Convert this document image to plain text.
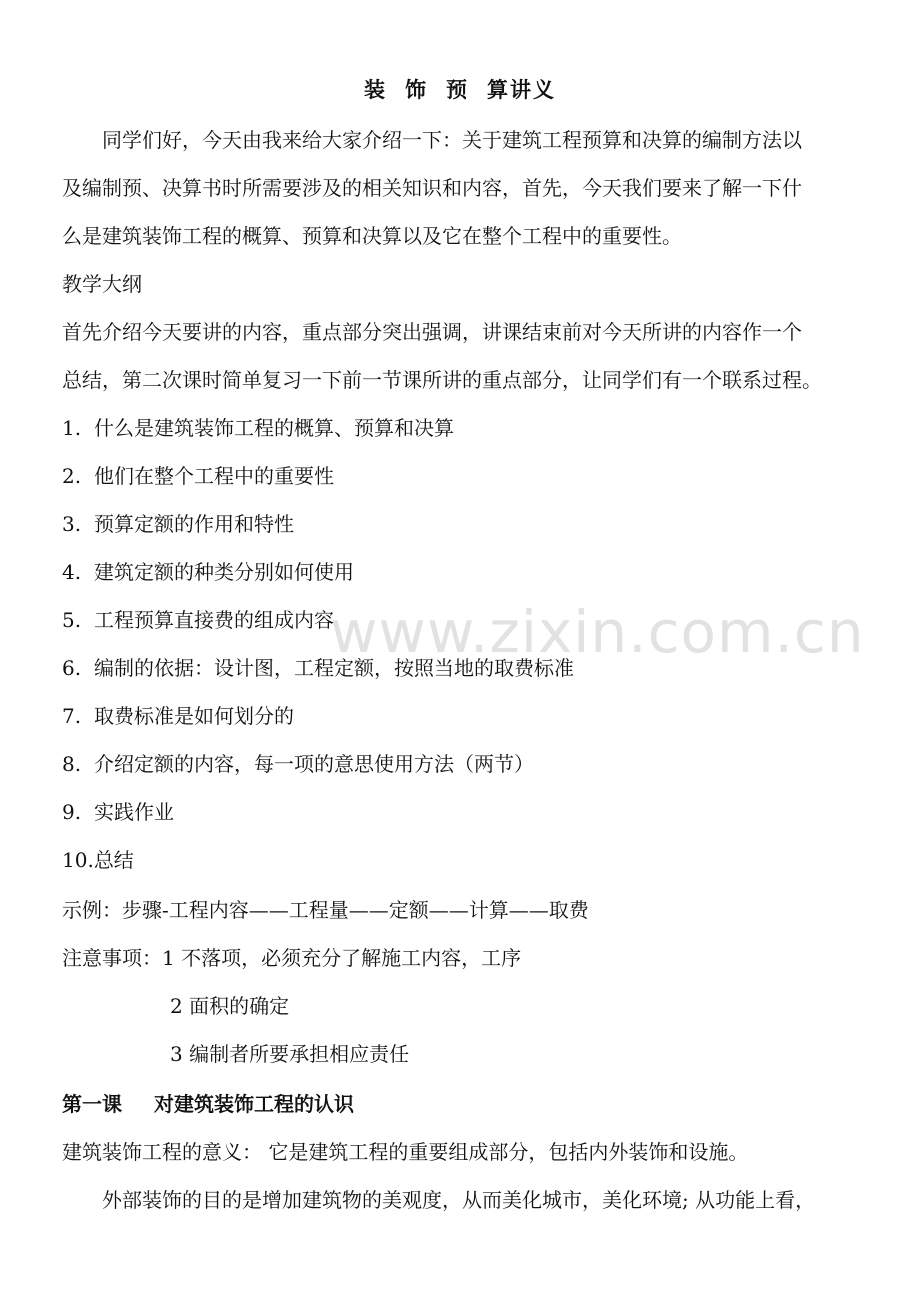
装 饰 预 算讲义
同学们好，今天由我来给大家介绍一下：关于建筑工程预算和决算的编制方法以
及编制预、决算书时所需要涉及的相关知识和内容，首先，今天我们要来了解一下什
么是建筑装饰工程的概算、预算和决算以及它在整个工程中的重要性。
教学大纲
首先介绍今天要讲的内容，重点部分突出强调，讲课结束前对今天所讲的内容作一个
总结，第二次课时简单复习一下前一节课所讲的重点部分，让同学们有一个联系过程。
1. 什么是建筑装饰工程的概算、预算和决算
2. 他们在整个工程中的重要性
3. 预算定额的作用和特性
4. 建筑定额的种类分别如何使用
5. 工程预算直接费的组成内容
6. 编制的依据：设计图，工程定额，按照当地的取费标准
7. 取费标准是如何划分的
8. 介绍定额的内容，每一项的意思使用方法（两节）
9. 实践作业
10.总结
示例：步骤-工程内容——工程量——定额——计算——取费
注意事项：1 不落项，必须充分了解施工内容，工序
2 面积的确定
3 编制者所要承担相应责任
第一课 对建筑装饰工程的认识
建筑装饰工程的意义： 它是建筑工程的重要组成部分，包括内外装饰和设施。
外部装饰的目的是增加建筑物的美观度，从而美化城市，美化环境; 从功能上看，
www.zixin.com.cn
